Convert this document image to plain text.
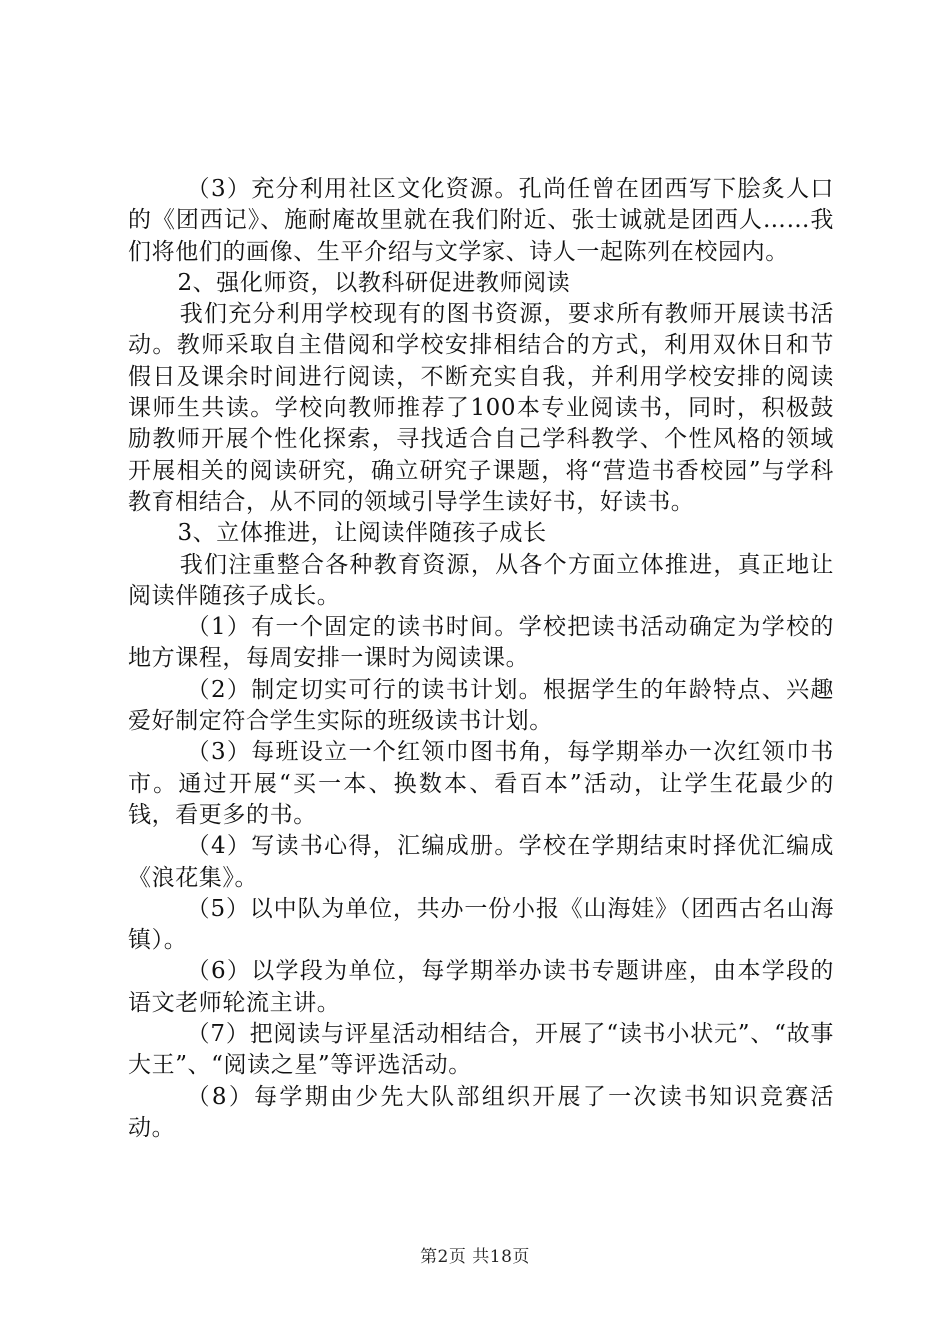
（3）充分利用社区文化资源。孔尚任曾在团西写下脍炙人口的《团西记》、施耐庵故里就在我们附近、张士诚就是团西人……我们将他们的画像、生平介绍与文学家、诗人一起陈列在校园内。

2、强化师资，以教科研促进教师阅读

我们充分利用学校现有的图书资源，要求所有教师开展读书活动。教师采取自主借阅和学校安排相结合的方式，利用双休日和节假日及课余时间进行阅读，不断充实自我，并利用学校安排的阅读课师生共读。学校向教师推荐了100本专业阅读书，同时，积极鼓励教师开展个性化探索，寻找适合自己学科教学、个性风格的领域开展相关的阅读研究，确立研究子课题，将“营造书香校园”与学科教育相结合，从不同的领域引导学生读好书，好读书。

3、立体推进，让阅读伴随孩子成长

我们注重整合各种教育资源，从各个方面立体推进，真正地让阅读伴随孩子成长。

（1）有一个固定的读书时间。学校把读书活动确定为学校的地方课程，每周安排一课时为阅读课。

（2）制定切实可行的读书计划。根据学生的年龄特点、兴趣爱好制定符合学生实际的班级读书计划。

（3）每班设立一个红领巾图书角，每学期举办一次红领巾书市。通过开展“买一本、换数本、看百本”活动，让学生花最少的钱，看更多的书。

（4）写读书心得，汇编成册。学校在学期结束时择优汇编成《浪花集》。

（5）以中队为单位，共办一份小报《山海娃》（团西古名山海镇）。

（6）以学段为单位，每学期举办读书专题讲座，由本学段的语文老师轮流主讲。

（7）把阅读与评星活动相结合，开展了“读书小状元”、“故事大王”、“阅读之星”等评选活动。

（8）每学期由少先大队部组织开展了一次读书知识竞赛活动。

第2页 共18页
